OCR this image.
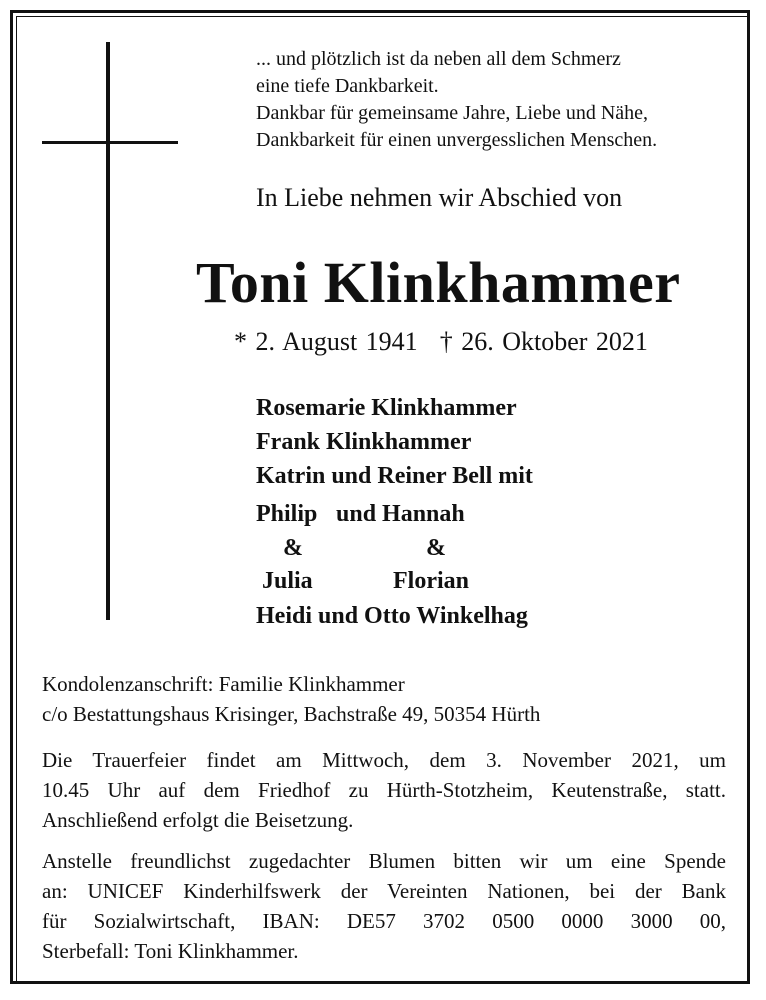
... und plötzlich ist da neben all dem Schmerz
eine tiefe Dankbarkeit.
Dankbar für gemeinsame Jahre, Liebe und Nähe,
Dankbarkeit für einen unvergesslichen Menschen.
In Liebe nehmen wir Abschied von
Toni Klinkhammer
* 2. August 1941 † 26. Oktober 2021
Rosemarie Klinkhammer
Frank Klinkhammer
Katrin und Reiner Bell mit
Philip und Hannah
&	&
Julia	Florian
Heidi und Otto Winkelhag
Kondolenzanschrift: Familie Klinkhammer
c/o Bestattungshaus Krisinger, Bachstraße 49, 50354 Hürth
Die Trauerfeier findet am Mittwoch, dem 3. November 2021, um
10.45 Uhr auf dem Friedhof zu Hürth-Stotzheim, Keutenstraße, statt.
Anschließend erfolgt die Beisetzung.
Anstelle freundlichst zugedachter Blumen bitten wir um eine Spende
an: UNICEF Kinderhilfswerk der Vereinten Nationen, bei der Bank
für Sozialwirtschaft, IBAN: DE57 3702 0500 0000 3000 00,
Sterbefall: Toni Klinkhammer.
